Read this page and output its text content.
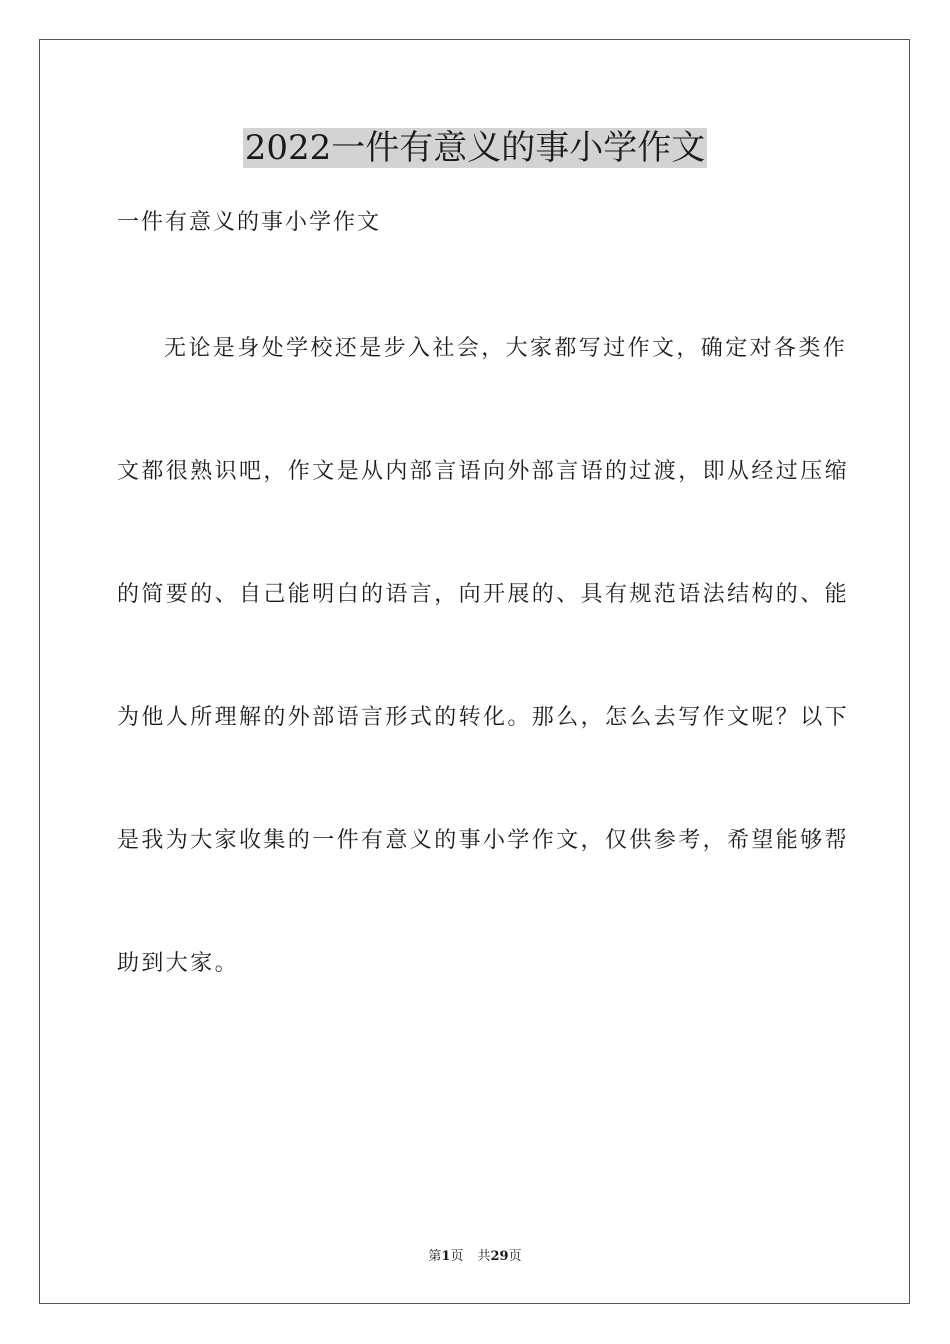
2022一件有意义的事小学作文

一件有意义的事小学作文

无论是身处学校还是步入社会，大家都写过作文，确定对各类作
文都很熟识吧，作文是从内部言语向外部言语的过渡，即从经过压缩
的简要的、自己能明白的语言，向开展的、具有规范语法结构的、能
为他人所理解的外部语言形式的转化。那么，怎么去写作文呢？以下
是我为大家收集的一件有意义的事小学作文，仅供参考，希望能够帮
助到大家。
第1页 共29页
